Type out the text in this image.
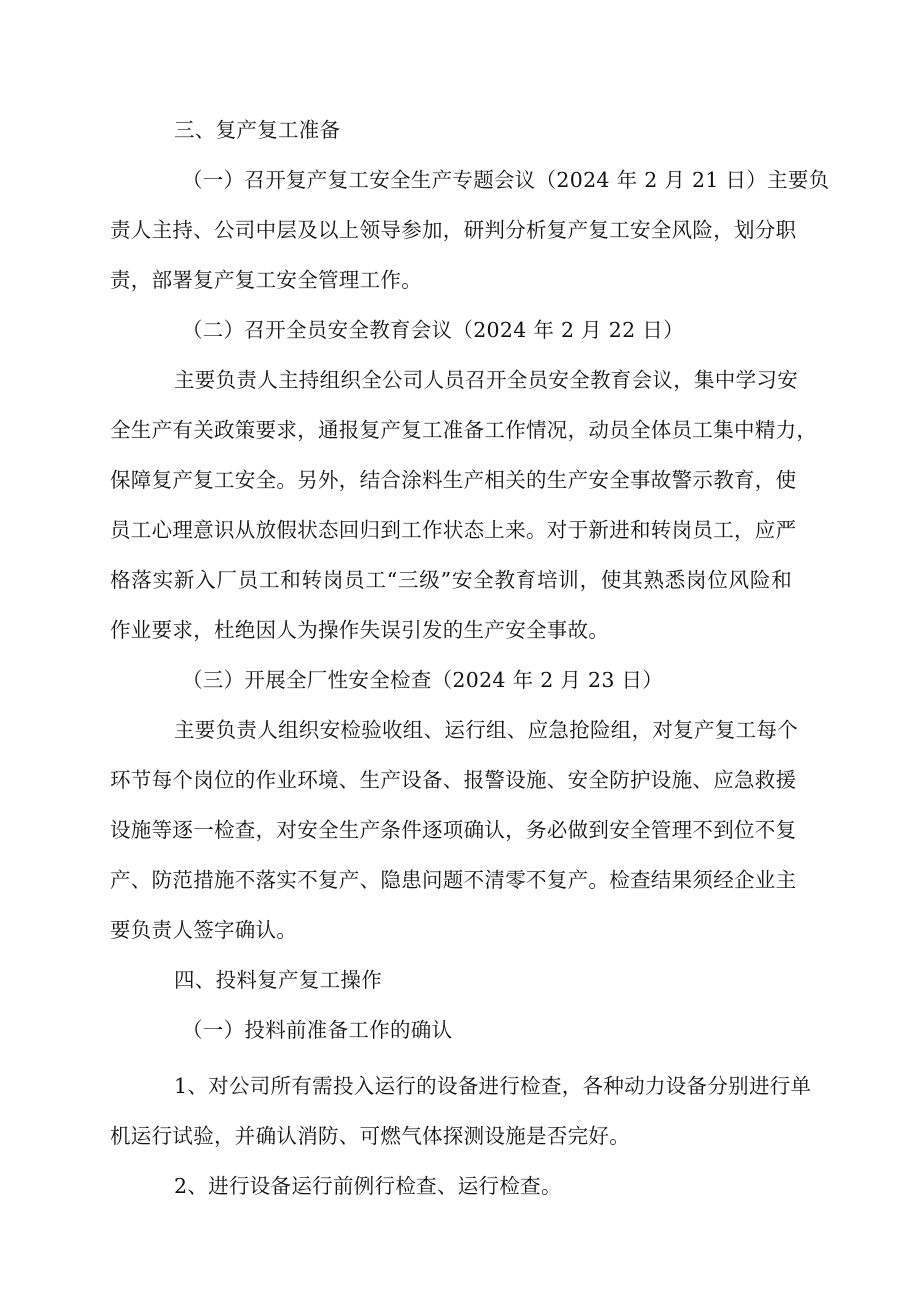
三、复产复工准备
（一）召开复产复工安全生产专题会议（2024 年 2 月 21 日）主要负
责人主持、公司中层及以上领导参加，研判分析复产复工安全风险，划分职
责，部署复产复工安全管理工作。
（二）召开全员安全教育会议（2024 年 2 月 22 日）
主要负责人主持组织全公司人员召开全员安全教育会议，集中学习安
全生产有关政策要求，通报复产复工准备工作情况，动员全体员工集中精力，
保障复产复工安全。另外，结合涂料生产相关的生产安全事故警示教育，使
员工心理意识从放假状态回归到工作状态上来。对于新进和转岗员工，应严
格落实新入厂员工和转岗员工“三级”安全教育培训，使其熟悉岗位风险和
作业要求，杜绝因人为操作失误引发的生产安全事故。
（三）开展全厂性安全检查（2024 年 2 月 23 日）
主要负责人组织安检验收组、运行组、应急抢险组，对复产复工每个
环节每个岗位的作业环境、生产设备、报警设施、安全防护设施、应急救援
设施等逐一检查，对安全生产条件逐项确认，务必做到安全管理不到位不复
产、防范措施不落实不复产、隐患问题不清零不复产。检查结果须经企业主
要负责人签字确认。
四、投料复产复工操作
（一）投料前准备工作的确认
1、对公司所有需投入运行的设备进行检查，各种动力设备分别进行单
机运行试验，并确认消防、可燃气体探测设施是否完好。
2、进行设备运行前例行检查、运行检查。
